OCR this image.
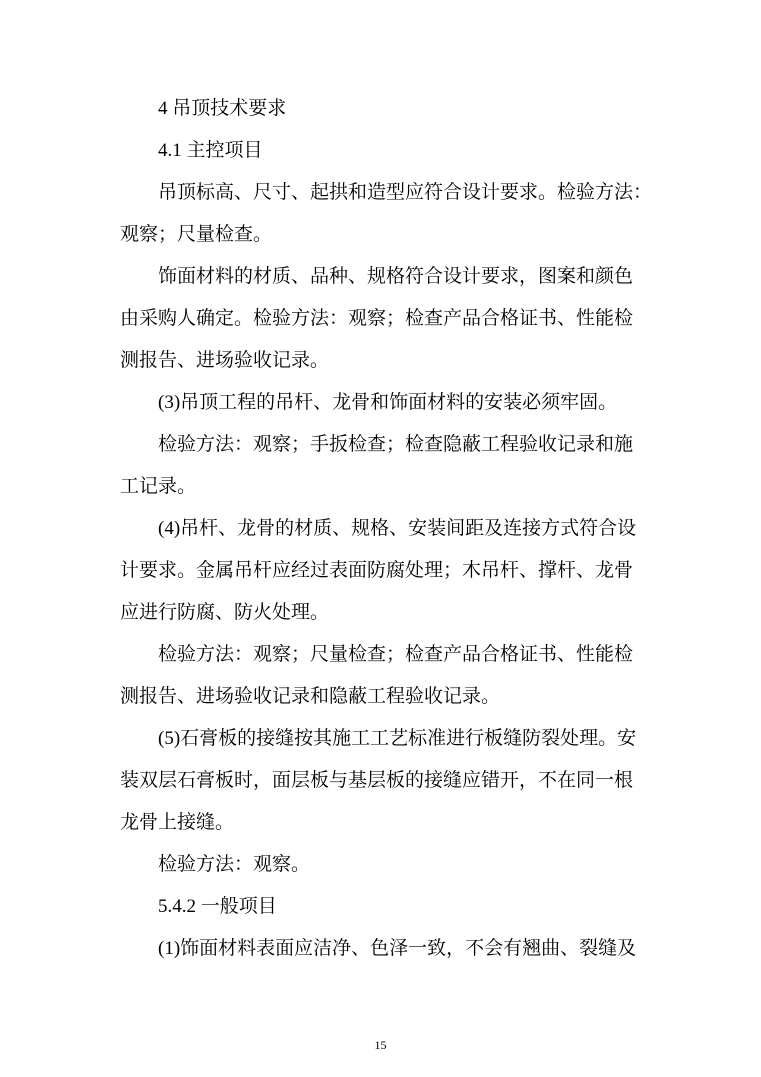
4 吊顶技术要求
4.1 主控项目
吊顶标高、尺寸、起拱和造型应符合设计要求。检验方法：
观察；尺量检查。
饰面材料的材质、品种、规格符合设计要求，图案和颜色
由采购人确定。检验方法：观察；检查产品合格证书、性能检
测报告、进场验收记录。
(3)吊顶工程的吊杆、龙骨和饰面材料的安装必须牢固。
检验方法：观察；手扳检查；检查隐蔽工程验收记录和施
工记录。
(4)吊杆、龙骨的材质、规格、安装间距及连接方式符合设
计要求。金属吊杆应经过表面防腐处理；木吊杆、撑杆、龙骨
应进行防腐、防火处理。
检验方法：观察；尺量检查；检查产品合格证书、性能检
测报告、进场验收记录和隐蔽工程验收记录。
(5)石膏板的接缝按其施工工艺标准进行板缝防裂处理。安
装双层石膏板时，面层板与基层板的接缝应错开，不在同一根
龙骨上接缝。
检验方法：观察。
5.4.2 一般项目
(1)饰面材料表面应洁净、色泽一致，不会有翘曲、裂缝及
15
